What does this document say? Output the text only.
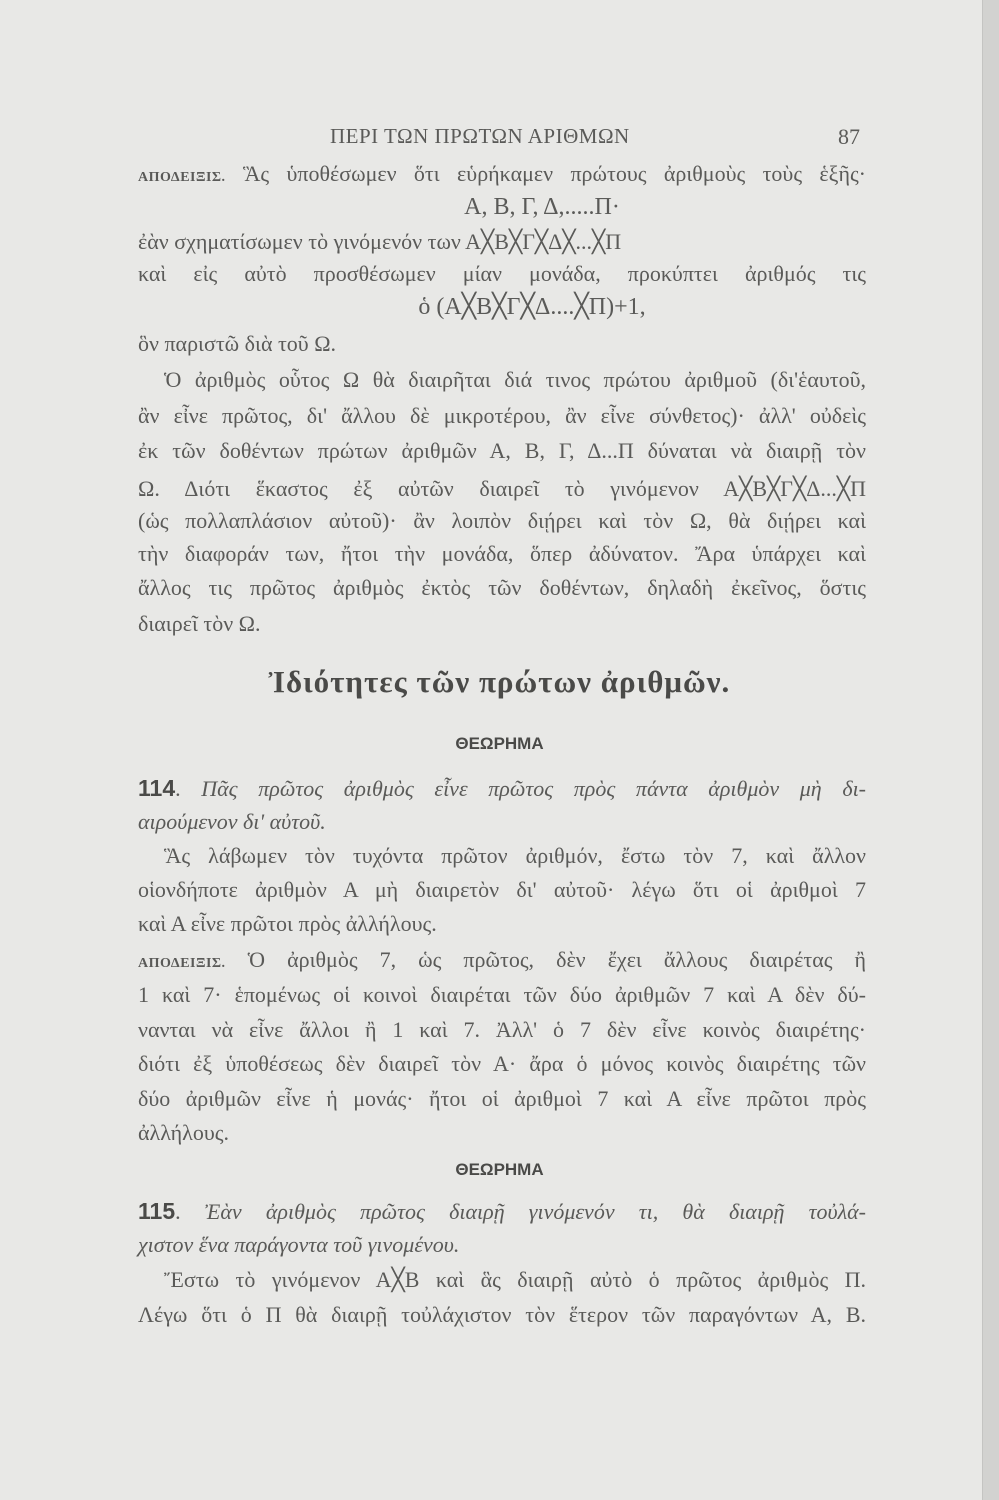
ΠΕΡΙ ΤΩΝ ΠΡΩΤΩΝ ΑΡΙΘΜΩΝ	87
ΑΠΟΔΕΙΞΙΣ. Ἃς ὑποθέσωμεν ὅτι εὑρήκαμεν πρώτους ἀριθμοὺς τοὺς ἑξῆς·
Α, Β, Γ, Δ,.....Π·
ἐὰν σχηματίσωμεν τὸ γινόμενόν των Α╳Β╳Γ╳Δ╳...╳Π
καὶ εἰς αὐτὸ προσθέσωμεν μίαν μονάδα, προκύπτει ἀριθμός τις
ὁ (Α╳Β╳Γ╳Δ....╳Π)+1,
ὃν παριστῶ διὰ τοῦ Ω.
Ὁ ἀριθμὸς οὗτος Ω θὰ διαιρῆται διά τινος πρώτου ἀριθμοῦ (δι'ἑαυτοῦ,
ἂν εἶνε πρῶτος, δι' ἄλλου δὲ μικροτέρου, ἂν εἶνε σύνθετος)· ἀλλ' οὐδεὶς
ἐκ τῶν δοθέντων πρώτων ἀριθμῶν Α, Β, Γ, Δ...Π δύναται νὰ διαιρῇ τὸν
Ω. Διότι ἕκαστος ἐξ αὐτῶν διαιρεῖ τὸ γινόμενον Α╳Β╳Γ╳Δ...╳Π
(ὡς πολλαπλάσιον αὐτοῦ)· ἂν λοιπὸν διῄρει καὶ τὸν Ω, θὰ διῄρει καὶ
τὴν διαφοράν των, ἤτοι τὴν μονάδα, ὅπερ ἀδύνατον. Ἄρα ὑπάρχει καὶ
ἄλλος τις πρῶτος ἀριθμὸς ἐκτὸς τῶν δοθέντων, δηλαδὴ ἐκεῖνος, ὅστις
διαιρεῖ τὸν Ω.
Ἰδιότητες τῶν πρώτων ἀριθμῶν.
ΘΕΩΡΗΜΑ
114. Πᾶς πρῶτος ἀριθμὸς εἶνε πρῶτος πρὸς πάντα ἀριθμὸν μὴ δι-
αιρούμενον δι' αὐτοῦ.
Ἃς λάβωμεν τὸν τυχόντα πρῶτον ἀριθμόν, ἔστω τὸν 7, καὶ ἄλλον
οἱονδήποτε ἀριθμὸν Α μὴ διαιρετὸν δι' αὐτοῦ· λέγω ὅτι οἱ ἀριθμοὶ 7
καὶ Α εἶνε πρῶτοι πρὸς ἀλλήλους.
ΑΠΟΔΕΙΞΙΣ. Ὁ ἀριθμὸς 7, ὡς πρῶτος, δὲν ἔχει ἄλλους διαιρέτας ἢ
1 καὶ 7· ἑπομένως οἱ κοινοὶ διαιρέται τῶν δύο ἀριθμῶν 7 καὶ Α δὲν δύ-
νανται νὰ εἶνε ἄλλοι ἢ 1 καὶ 7. Ἀλλ' ὁ 7 δὲν εἶνε κοινὸς διαιρέτης·
διότι ἐξ ὑποθέσεως δὲν διαιρεῖ τὸν Α· ἄρα ὁ μόνος κοινὸς διαιρέτης τῶν
δύο ἀριθμῶν εἶνε ἡ μονάς· ἤτοι οἱ ἀριθμοὶ 7 καὶ Α εἶνε πρῶτοι πρὸς
ἀλλήλους.
ΘΕΩΡΗΜΑ
115. Ἐὰν ἀριθμὸς πρῶτος διαιρῇ γινόμενόν τι, θὰ διαιρῇ τοὐλά-
χιστον ἕνα παράγοντα τοῦ γινομένου.
Ἔστω τὸ γινόμενον Α╳Β καὶ ἃς διαιρῇ αὐτὸ ὁ πρῶτος ἀριθμὸς Π.
Λέγω ὅτι ὁ Π θὰ διαιρῇ τοὐλάχιστον τὸν ἕτερον τῶν παραγόντων Α, Β.
